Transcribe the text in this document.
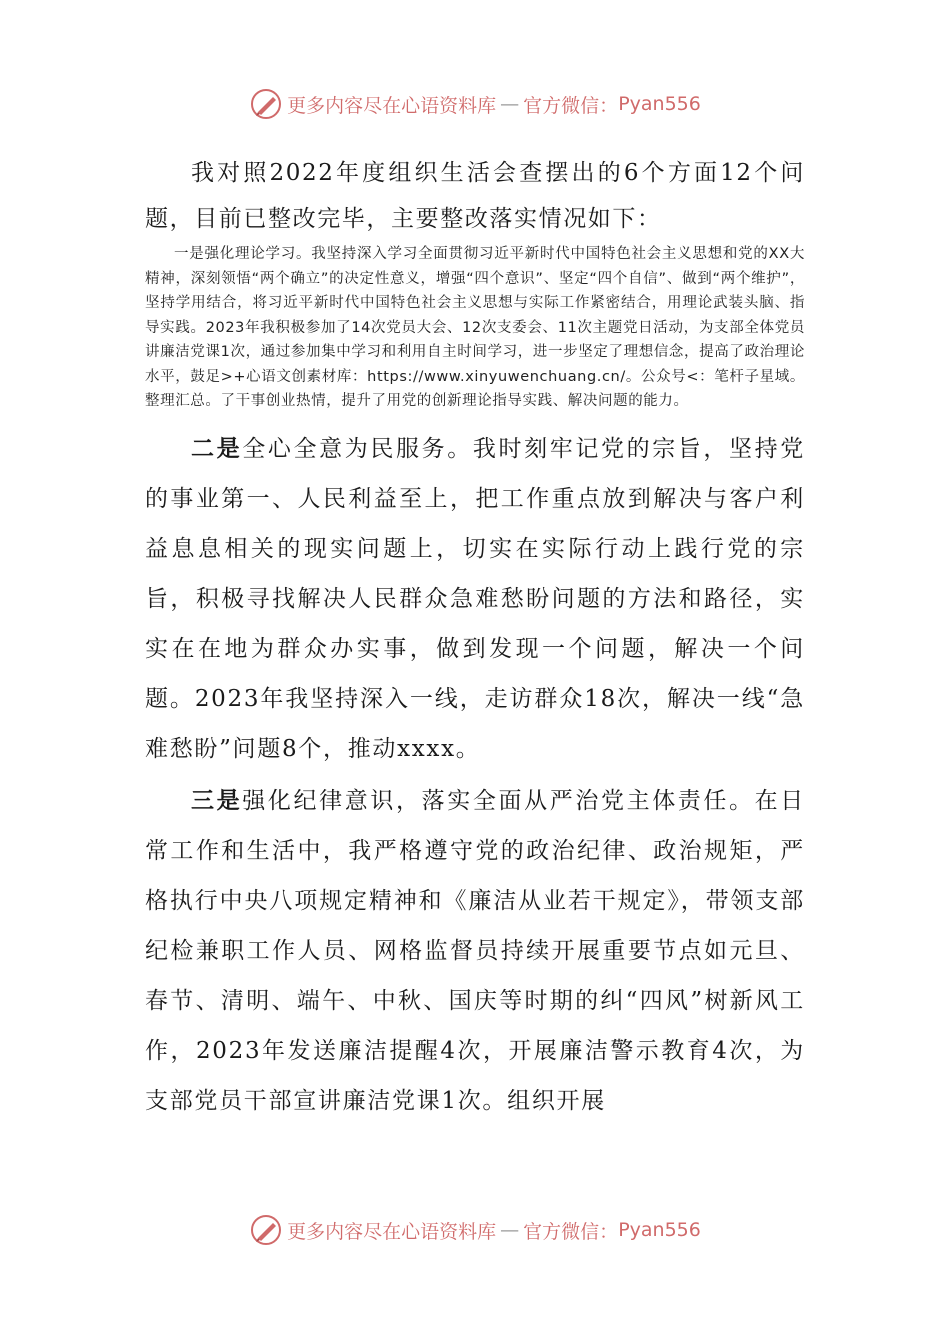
更多内容尽在心语资料库 — 官方微信： Pyan556

我对照2022年度组织生活会查摆出的6个方面12个问题，目前已整改完毕，主要整改落实情况如下：

一是强化理论学习。我坚持深入学习全面贯彻习近平新时代中国特色社会主义思想和党的XX大精神，深刻领悟“两个确立”的决定性意义，增强“四个意识”、坚定“四个自信”、做到“两个维护”，坚持学用结合，将习近平新时代中国特色社会主义思想与实际工作紧密结合，用理论武装头脑、指导实践。2023年我积极参加了14次党员大会、12次支委会、11次主题党日活动，为支部全体党员讲廉洁党课1次，通过参加集中学习和利用自主时间学习，进一步坚定了理想信念，提高了政治理论水平，鼓足>+心语文创素材库：https://www.xinyuwenchuang.cn/。公众号<：笔杆子星域。整理汇总。了干事创业热情，提升了用党的创新理论指导实践、解决问题的能力。

二是全心全意为民服务。我时刻牢记党的宗旨，坚持党的事业第一、人民利益至上，把工作重点放到解决与客户利益息息相关的现实问题上，切实在实际行动上践行党的宗旨，积极寻找解决人民群众急难愁盼问题的方法和路径，实实在在地为群众办实事，做到发现一个问题，解决一个问题。2023年我坚持深入一线，走访群众18次，解决一线“急难愁盼”问题8个，推动xxxx。

三是强化纪律意识，落实全面从严治党主体责任。在日常工作和生活中，我严格遵守党的政治纪律、政治规矩，严格执行中央八项规定精神和《廉洁从业若干规定》，带领支部纪检兼职工作人员、网格监督员持续开展重要节点如元旦、春节、清明、端午、中秋、国庆等时期的纠“四风”树新风工作，2023年发送廉洁提醒4次，开展廉洁警示教育4次，为支部党员干部宣讲廉洁党课1次。组织开展

更多内容尽在心语资料库 — 官方微信： Pyan556
